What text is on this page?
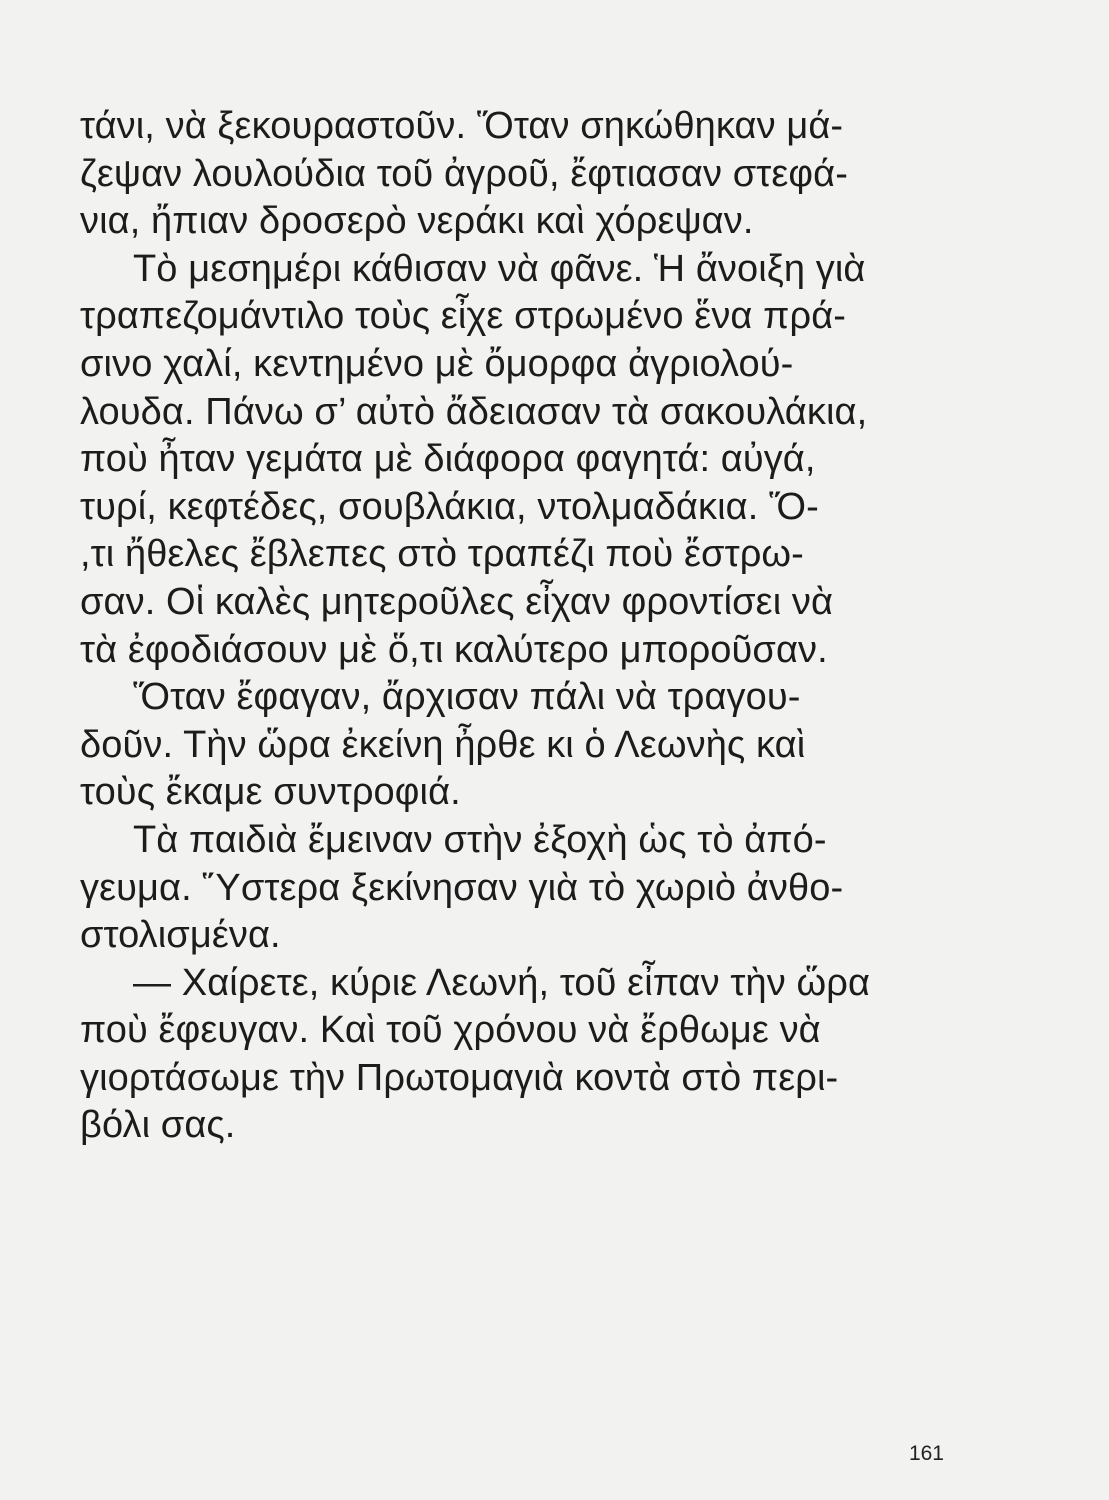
τάνι, νὰ ξεκουραστοῦν. Ὅταν σηκώθηκαν μά-
ζεψαν λουλούδια τοῦ ἀγροῦ, ἔφτιασαν στεφά-
νια, ἤπιαν δροσερὸ νεράκι καὶ χόρεψαν.
Τὸ μεσημέρι κάθισαν νὰ φᾶνε. Ἡ ἄνοιξη γιὰ
τραπεζομάντιλο τοὺς εἶχε στρωμένο ἕνα πρά-
σινο χαλί, κεντημένο μὲ ὄμορφα ἀγριολού-
λουδα. Πάνω σ’ αὐτὸ ἄδειασαν τὰ σακουλάκια,
ποὺ ἦταν γεμάτα μὲ διάφορα φαγητά: αὐγά,
τυρί, κεφτέδες, σουβλάκια, ντολμαδάκια. Ὅ-
,τι ἤθελες ἔβλεπες στὸ τραπέζι ποὺ ἔστρω-
σαν. Οἱ καλὲς μητεροῦλες εἶχαν φροντίσει νὰ
τὰ ἐφοδιάσουν μὲ ὅ,τι καλύτερο μποροῦσαν.
Ὅταν ἔφαγαν, ἄρχισαν πάλι νὰ τραγου-
δοῦν. Τὴν ὥρα ἐκείνη ἦρθε κι ὁ Λεωνὴς καὶ
τοὺς ἔκαμε συντροφιά.
Τὰ παιδιὰ ἔμειναν στὴν ἐξοχὴ ὡς τὸ ἀπό-
γευμα. Ὕστερα ξεκίνησαν γιὰ τὸ χωριὸ ἀνθο-
στολισμένα.
— Χαίρετε, κύριε Λεωνή, τοῦ εἶπαν τὴν ὥρα
ποὺ ἔφευγαν. Καὶ τοῦ χρόνου νὰ ἔρθωμε νὰ
γιορτάσωμε τὴν Πρωτομαγιὰ κοντὰ στὸ περι-
βόλι σας.
161
